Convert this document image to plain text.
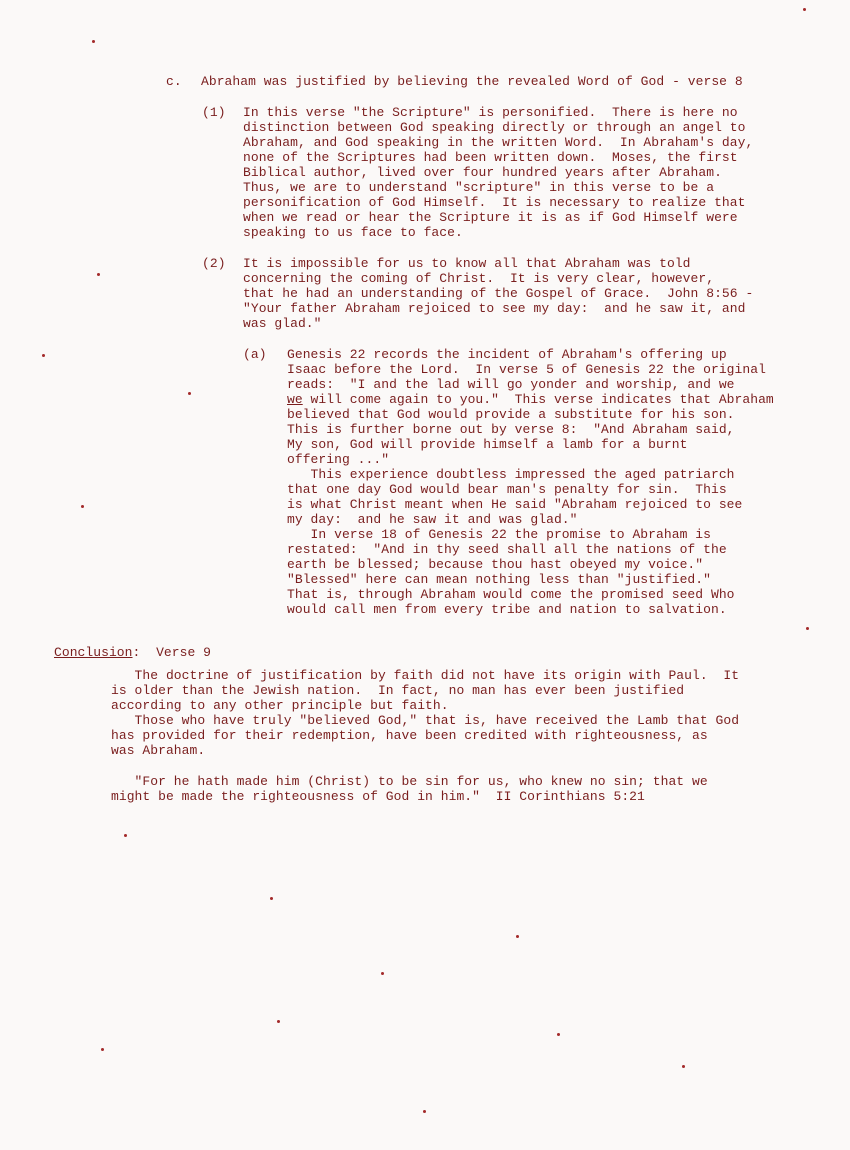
c. Abraham was justified by believing the revealed Word of God - verse 8
(1) In this verse "the Scripture" is personified.  There is here no
distinction between God speaking directly or through an angel to
Abraham, and God speaking in the written Word.  In Abraham's day,
none of the Scriptures had been written down.  Moses, the first
Biblical author, lived over four hundred years after Abraham.
Thus, we are to understand "scripture" in this verse to be a
personification of God Himself.  It is necessary to realize that
when we read or hear the Scripture it is as if God Himself were
speaking to us face to face.
(2) It is impossible for us to know all that Abraham was told
concerning the coming of Christ.  It is very clear, however,
that he had an understanding of the Gospel of Grace.  John 8:56 -
"Your father Abraham rejoiced to see my day:  and he saw it, and
was glad."
(a) Genesis 22 records the incident of Abraham's offering up
Isaac before the Lord.  In verse 5 of Genesis 22 the original
reads:  "I and the lad will go yonder and worship, and we
we will come again to you."  This verse indicates that Abraham
believed that God would provide a substitute for his son.
This is further borne out by verse 8:  "And Abraham said,
My son, God will provide himself a lamb for a burnt
offering ..."
This experience doubtless impressed the aged patriarch
that one day God would bear man's penalty for sin.  This
is what Christ meant when He said "Abraham rejoiced to see
my day:  and he saw it and was glad."
In verse 18 of Genesis 22 the promise to Abraham is
restated:  "And in thy seed shall all the nations of the
earth be blessed; because thou hast obeyed my voice."
"Blessed" here can mean nothing less than "justified."
That is, through Abraham would come the promised seed Who
would call men from every tribe and nation to salvation.
Conclusion:  Verse 9
The doctrine of justification by faith did not have its origin with Paul.  It
is older than the Jewish nation.  In fact, no man has ever been justified
according to any other principle but faith.
Those who have truly "believed God," that is, have received the Lamb that God
has provided for their redemption, have been credited with righteousness, as
was Abraham.
"For he hath made him (Christ) to be sin for us, who knew no sin; that we
might be made the righteousness of God in him."  II Corinthians 5:21
